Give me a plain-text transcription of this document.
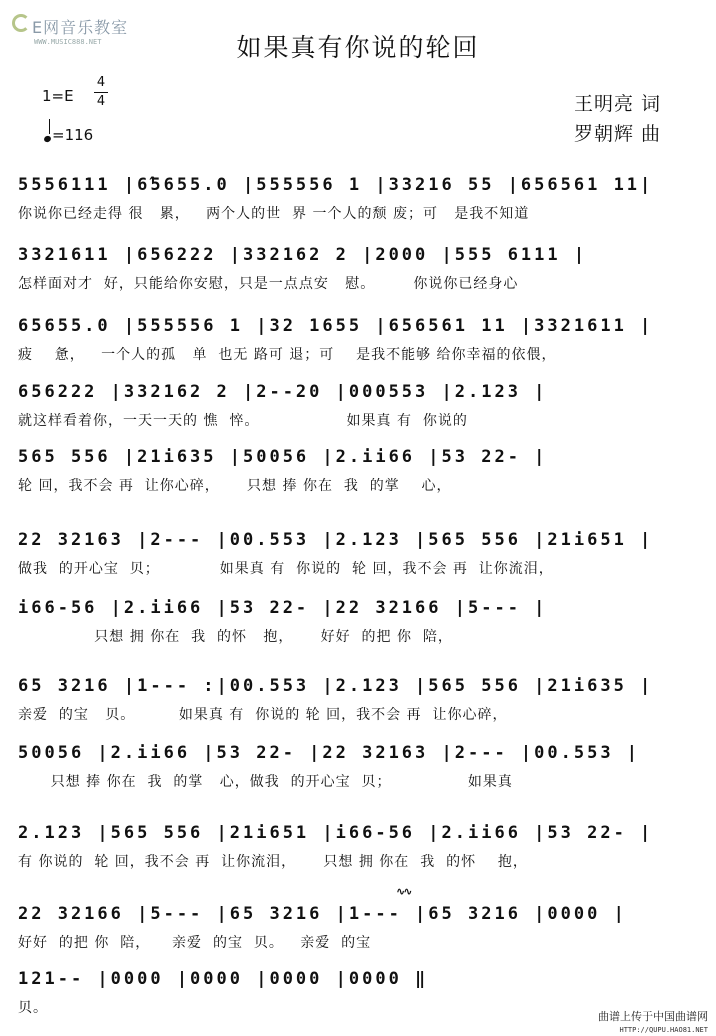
E网音乐教室
WWW.MUSIC888.NET	如果真有你说的轮回
1=E
4
4
=116
王明亮 词
罗朝辉 曲
5556111 |6̂5655.0 |555556 1 |33216 55 |656561 11|
你说你已经走得 很   累，   两个人的世  界 一个人的颓 废；可   是我不知道
3321611 |656222 |332162 2 |2000 |555 6111 |
怎样面对才  好，只能给你安慰，只是一点点安   慰。       你说你已经身心
65655.0 |555556 1 |32 1655 |656561 11 |3321611 |
疲    惫，   一个人的孤   单  也无 路可 退；可    是我不能够 给你幸福的依偎，
656222 |332162 2 |2--20 |000553 |2.123 |
就这样看着你，一天一天的 憔  悴。                如果真 有  你说的
565 556 |21i635 |50056 |2.ii66 |53 22- |
轮 回，我不会 再  让你心碎，     只想 捧 你在  我  的掌    心，
22 32163 |2--- |00.553 |2.123 |565 556 |21i651 |
做我  的开心宝  贝；           如果真 有  你说的  轮 回，我不会 再  让你流泪，
i66-56 |2.ii66 |53 22- |22 32166 |5--- |
只想 拥 你在  我  的怀   抱，     好好  的把 你  陪，
65 3216 |1--- :|00.553 |2.123 |565 556 |21i635 |
亲爱  的宝   贝。        如果真 有  你说的 轮 回，我不会 再  让你心碎，
50056 |2.ii66 |53 22- |22 32163 |2--- |00.553 |
只想 捧 你在  我  的掌   心，做我  的开心宝  贝；              如果真
2.123 |565 556 |21i651 |i66-56 |2.ii66 |53 22- |
有 你说的  轮 回，我不会 再  让你流泪，     只想 拥 你在  我  的怀    抱，
22 32166 |5--- |65 3216 |1--- |65 3216 |0000 |
好好  的把 你  陪，    亲爱  的宝  贝。   亲爱  的宝
121-- |0000 |0000 |0000 |0000 ‖
贝。
∿∿
曲谱上传于中国曲谱网
HTTP://QUPU.HAO81.NET
